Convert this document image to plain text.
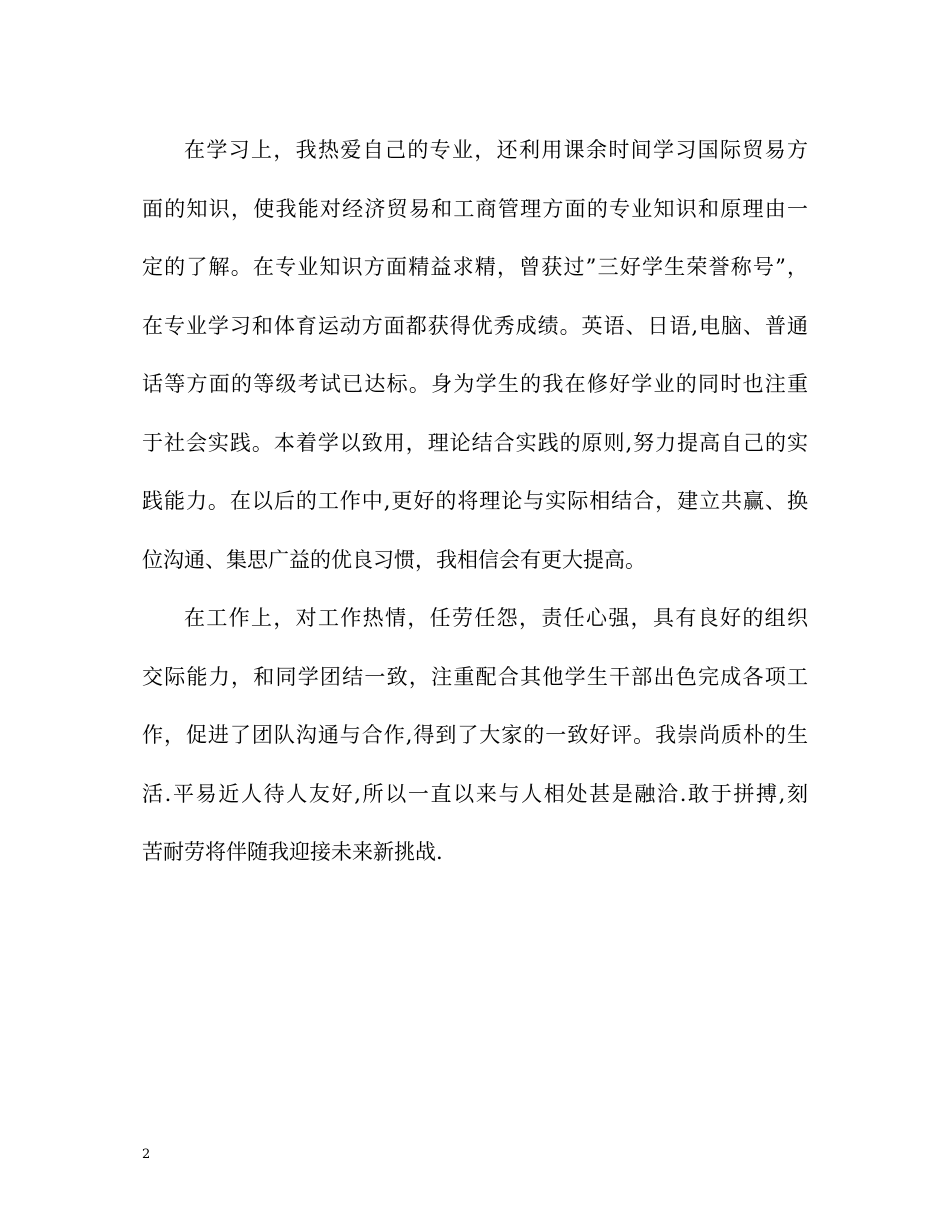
在学习上，我热爱自己的专业，还利用课余时间学习国际贸易方
面的知识，使我能对经济贸易和工商管理方面的专业知识和原理由一
定的了解。在专业知识方面精益求精，曾获过”三好学生荣誉称号”，
在专业学习和体育运动方面都获得优秀成绩。英语、日语,电脑、普通
话等方面的等级考试已达标。身为学生的我在修好学业的同时也注重
于社会实践。本着学以致用，理论结合实践的原则,努力提高自己的实
践能力。在以后的工作中,更好的将理论与实际相结合，建立共赢、换
位沟通、集思广益的优良习惯，我相信会有更大提高。
在工作上，对工作热情，任劳任怨，责任心强，具有良好的组织
交际能力，和同学团结一致，注重配合其他学生干部出色完成各项工
作，促进了团队沟通与合作,得到了大家的一致好评。我崇尚质朴的生
活.平易近人待人友好,所以一直以来与人相处甚是融洽.敢于拼搏,刻
苦耐劳将伴随我迎接未来新挑战.
2
